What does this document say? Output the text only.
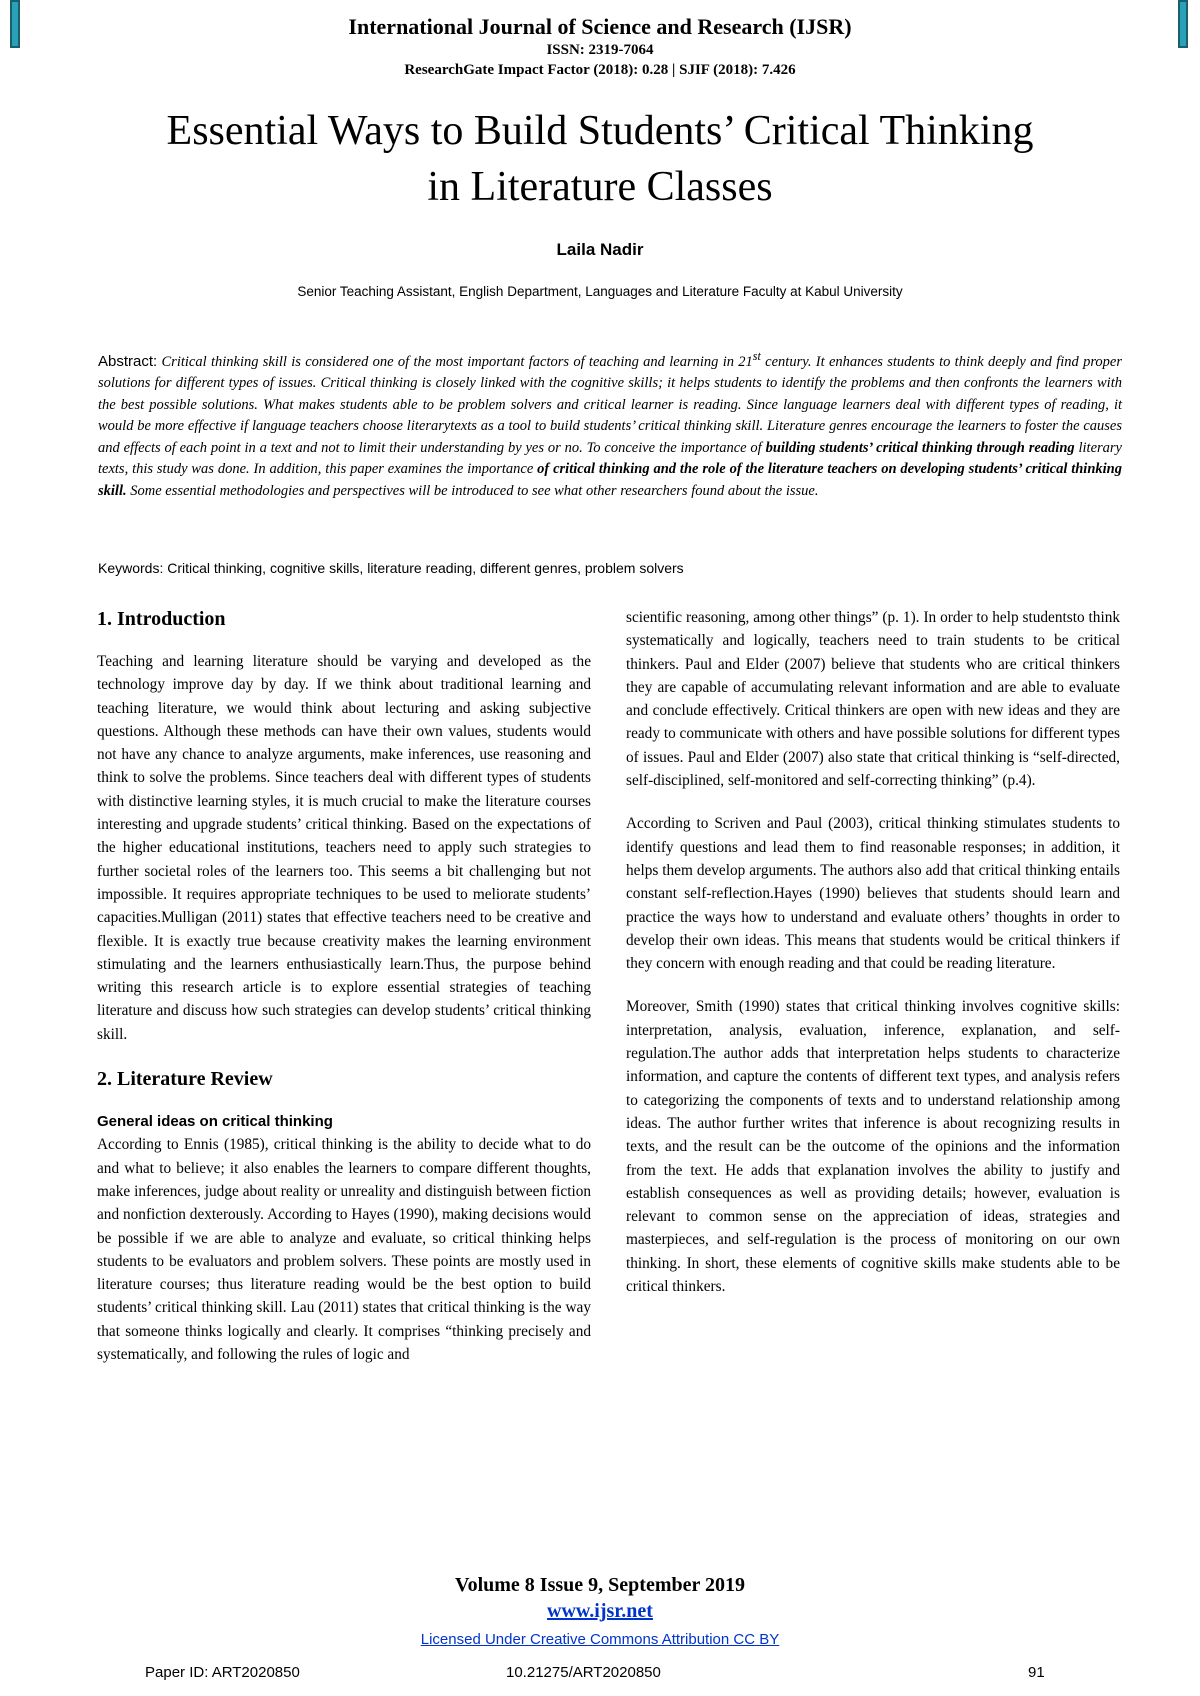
International Journal of Science and Research (IJSR)
ISSN: 2319-7064
ResearchGate Impact Factor (2018): 0.28 | SJIF (2018): 7.426
Essential Ways to Build Students’ Critical Thinking
in Literature Classes
Laila Nadir
Senior Teaching Assistant, English Department, Languages and Literature Faculty at Kabul University
Abstract: Critical thinking skill is considered one of the most important factors of teaching and learning in 21st century. It enhances students to think deeply and find proper solutions for different types of issues. Critical thinking is closely linked with the cognitive skills; it helps students to identify the problems and then confronts the learners with the best possible solutions. What makes students able to be problem solvers and critical learner is reading. Since language learners deal with different types of reading, it would be more effective if language teachers choose literarytexts as a tool to build students’ critical thinking skill. Literature genres encourage the learners to foster the causes and effects of each point in a text and not to limit their understanding by yes or no. To conceive the importance of building students’ critical thinking through reading literary texts, this study was done. In addition, this paper examines the importance of critical thinking and the role of the literature teachers on developing students’ critical thinking skill. Some essential methodologies and perspectives will be introduced to see what other researchers found about the issue.
Keywords: Critical thinking, cognitive skills, literature reading, different genres, problem solvers
1. Introduction

Teaching and learning literature should be varying and developed as the technology improve day by day. If we think about traditional learning and teaching literature, we would think about lecturing and asking subjective questions. Although these methods can have their own values, students would not have any chance to analyze arguments, make inferences, use reasoning and think to solve the problems. Since teachers deal with different types of students with distinctive learning styles, it is much crucial to make the literature courses interesting and upgrade students’ critical thinking. Based on the expectations of the higher educational institutions, teachers need to apply such strategies to further societal roles of the learners too. This seems a bit challenging but not impossible. It requires appropriate techniques to be used to meliorate students’ capacities.Mulligan (2011) states that effective teachers need to be creative and flexible. It is exactly true because creativity makes the learning environment stimulating and the learners enthusiastically learn.Thus, the purpose behind writing this research article is to explore essential strategies of teaching literature and discuss how such strategies can develop students’ critical thinking skill.

2. Literature Review
General ideas on critical thinking

According to Ennis (1985), critical thinking is the ability to decide what to do and what to believe; it also enables the learners to compare different thoughts, make inferences, judge about reality or unreality and distinguish between fiction and nonfiction dexterously. According to Hayes (1990), making decisions would be possible if we are able to analyze and evaluate, so critical thinking helps students to be evaluators and problem solvers. These points are mostly used in literature courses; thus literature reading would be the best option to build students’ critical thinking skill. Lau (2011) states that critical thinking is the way that someone thinks logically and clearly. It comprises “thinking precisely and systematically, and following the rules of logic and

scientific reasoning, among other things” (p. 1). In order to help studentsto think systematically and logically, teachers need to train students to be critical thinkers. Paul and Elder (2007) believe that students who are critical thinkers they are capable of accumulating relevant information and are able to evaluate and conclude effectively. Critical thinkers are open with new ideas and they are ready to communicate with others and have possible solutions for different types of issues. Paul and Elder (2007) also state that critical thinking is “self-directed, self-disciplined, self-monitored and self-correcting thinking” (p.4).

According to Scriven and Paul (2003), critical thinking stimulates students to identify questions and lead them to find reasonable responses; in addition, it helps them develop arguments. The authors also add that critical thinking entails constant self-reflection.Hayes (1990) believes that students should learn and practice the ways how to understand and evaluate others’ thoughts in order to develop their own ideas. This means that students would be critical thinkers if they concern with enough reading and that could be reading literature.

Moreover, Smith (1990) states that critical thinking involves cognitive skills: interpretation, analysis, evaluation, inference, explanation, and self-regulation.The author adds that interpretation helps students to characterize information, and capture the contents of different text types, and analysis refers to categorizing the components of texts and to understand relationship among ideas. The author further writes that inference is about recognizing results in texts, and the result can be the outcome of the opinions and the information from the text. He adds that explanation involves the ability to justify and establish consequences as well as providing details; however, evaluation is relevant to common sense on the appreciation of ideas, strategies and masterpieces, and self-regulation is the process of monitoring on our own thinking. In short, these elements of cognitive skills make students able to be critical thinkers.

Volume 8 Issue 9, September 2019
www.ijsr.net
Licensed Under Creative Commons Attribution CC BY
Paper ID: ART2020850	10.21275/ART2020850	91
